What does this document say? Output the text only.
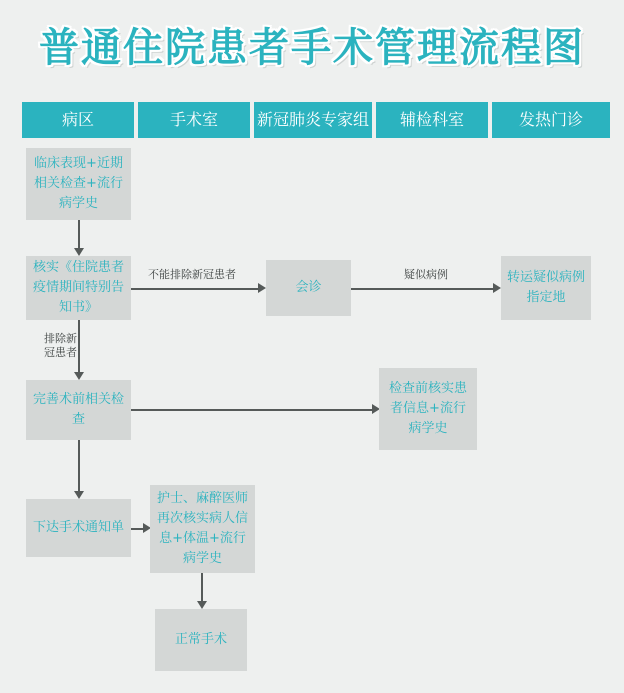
普通住院患者手术管理流程图
病区	手术室	新冠肺炎专家组	辅检科室	发热门诊
临床表现+近期相关检查+流行病学史
核实《住院患者疫情期间特别告知书》
不能排除新冠患者
会诊
疑似病例	转运疑似病例指定地
排除新冠患者
完善术前相关检查
检查前核实患者信息+流行病学史
下达手术通知单
护士、麻醉医师再次核实病人信息+体温+流行病学史
正常手术
